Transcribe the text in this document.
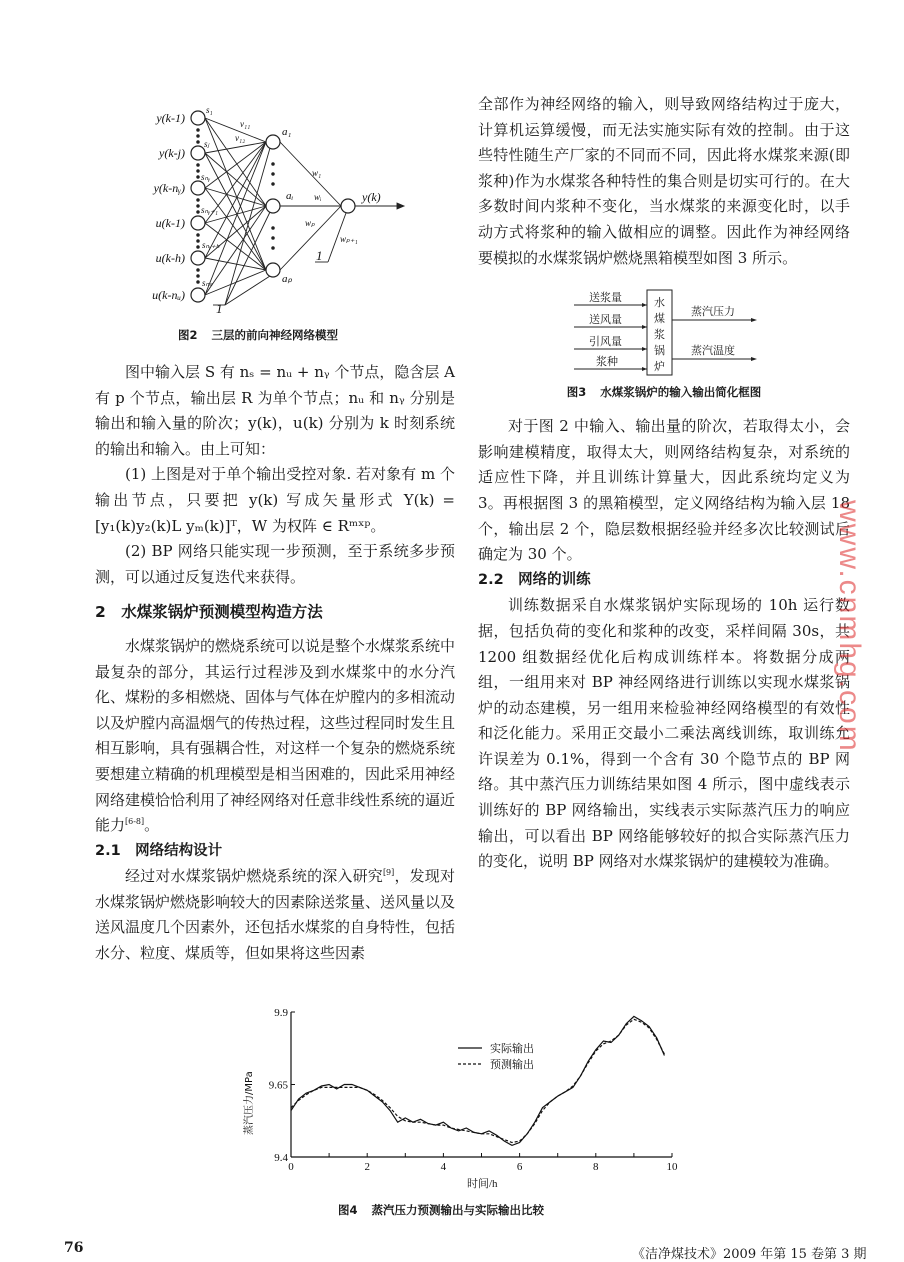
y(k-1)
y(k-j)
y(k-nᵧ)
u(k-1)
u(k-h)
u(k-nᵤ)
s₁
sⱼ
sₙᵧ
sₙᵧ₊₁
sₙᵧ₊ₕ
sₙₛ
v₁₁
v₁₂	a₁
aᵢ
aₚ
w₁
wᵢ
wₚ
wₚ₊₁
y(k)
1
1
图2 三层的前向神经网络模型

图中输入层 S 有 nₛ = nᵤ + nᵧ 个节点，隐含层 A 有 p 个节点，输出层 R 为单个节点；nᵤ 和 nᵧ 分别是输出和输入量的阶次；y(k)，u(k) 分别为 k 时刻系统的输出和输入。由上可知：

(1) 上图是对于单个输出受控对象. 若对象有 m 个输出节点，只要把 y(k) 写成矢量形式 Y(k) = [y₁(k)y₂(k)L yₘ(k)]ᵀ，W 为权阵 ∈ Rᵐˣᵖ。

(2) BP 网络只能实现一步预测，至于系统多步预测，可以通过反复迭代来获得。

2　水煤浆锅炉预测模型构造方法

水煤浆锅炉的燃烧系统可以说是整个水煤浆系统中最复杂的部分，其运行过程涉及到水煤浆中的水分汽化、煤粉的多相燃烧、固体与气体在炉膛内的多相流动以及炉膛内高温烟气的传热过程，这些过程同时发生且相互影响，具有强耦合性，对这样一个复杂的燃烧系统要想建立精确的机理模型是相当困难的，因此采用神经网络建模恰恰利用了神经网络对任意非线性系统的逼近能力[6-8]。

2.1　网络结构设计

经过对水煤浆锅炉燃烧系统的深入研究[9]，发现对水煤浆锅炉燃烧影响较大的因素除送浆量、送风量以及送风温度几个因素外，还包括水煤浆的自身特性，包括水分、粒度、煤质等，但如果将这些因素

全部作为神经网络的输入，则导致网络结构过于庞大，计算机运算缓慢，而无法实施实际有效的控制。由于这些特性随生产厂家的不同而不同，因此将水煤浆来源(即浆种)作为水煤浆各种特性的集合则是切实可行的。在大多数时间内浆种不变化，当水煤浆的来源变化时，以手动方式将浆种的输入做相应的调整。因此作为神经网络要模拟的水煤浆锅炉燃烧黑箱模型如图 3 所示。

送浆量
送风量
引风量
浆种
水
煤
浆
锅
炉
蒸汽压力
蒸汽温度
图3 水煤浆锅炉的输入输出简化框图

对于图 2 中输入、输出量的阶次，若取得太小，会影响建模精度，取得太大，则网络结构复杂，对系统的适应性下降，并且训练计算量大，因此系统均定义为 3。再根据图 3 的黑箱模型，定义网络结构为输入层 18 个，输出层 2 个，隐层数根据经验并经多次比较测试后确定为 30 个。

2.2　网络的训练

训练数据采自水煤浆锅炉实际现场的 10h 运行数据，包括负荷的变化和浆种的改变，采样间隔 30s，共 1200 组数据经优化后构成训练样本。将数据分成两组，一组用来对 BP 神经网络进行训练以实现水煤浆锅炉的动态建模，另一组用来检验神经网络模型的有效性和泛化能力。采用正交最小二乘法离线训练，取训练允许误差为 0.1%，得到一个含有 30 个隐节点的 BP 网络。其中蒸汽压力训练结果如图 4 所示，图中虚线表示训练好的 BP 网络输出，实线表示实际蒸汽压力的响应输出，可以看出 BP 网络能够较好的拟合实际蒸汽压力的变化，说明 BP 网络对水煤浆锅炉的建模较为准确。

0	2	4	6	8	10
9.4
9.65
9.9
实际输出
预测输出
蒸汽压力/MPa
时间/h
图4 蒸汽压力预测输出与实际输出比较
76	《洁净煤技术》2009 年第 15 卷第 3 期
www.cnmhg.com
